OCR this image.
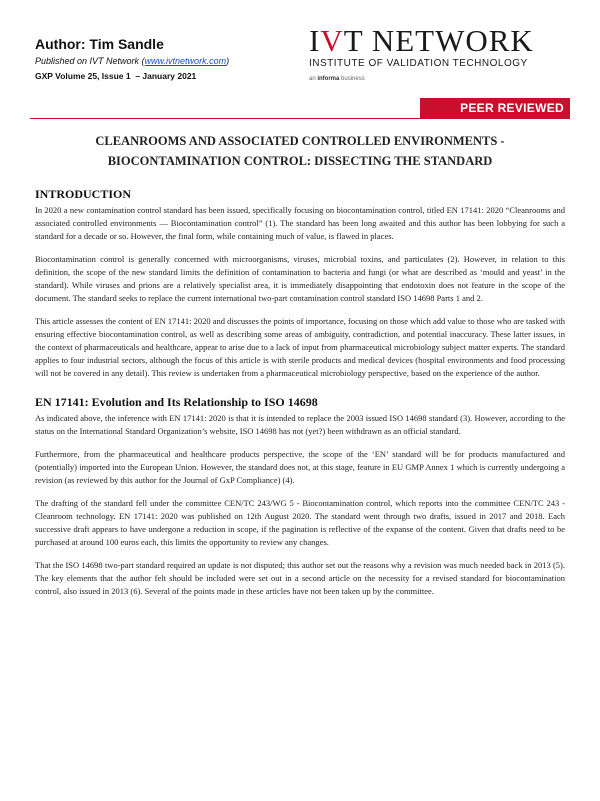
Author: Tim Sandle
Published on IVT Network (www.ivtnetwork.com)
GXP Volume 25, Issue 1  – January 2021
IVT NETWORK
INSTITUTE OF VALIDATION TECHNOLOGY
an informa business
PEER REVIEWED
CLEANROOMS AND ASSOCIATED CONTROLLED ENVIRONMENTS -
BIOCONTAMINATION CONTROL: DISSECTING THE STANDARD
INTRODUCTION

In 2020 a new contamination control standard has been issued, specifically focusing on biocontamination control, titled EN 17141: 2020 “Cleanrooms and associated controlled environments — Biocontamination control” (1). The standard has been long awaited and this author has been lobbying for such a standard for a decade or so. However, the final form, while containing much of value, is flawed in places.

Biocontamination control is generally concerned with microorganisms, viruses, microbial toxins, and particulates (2). However, in relation to this definition, the scope of the new standard limits the definition of contamination to bacteria and fungi (or what are described as ‘mould and yeast’ in the standard). While viruses and prions are a relatively specialist area, it is immediately disappointing that endotoxin does not feature in the scope of the document. The standard seeks to replace the current international two-part contamination control standard ISO 14698 Parts 1 and 2.

This article assesses the content of EN 17141: 2020 and discusses the points of importance, focusing on those which add value to those who are tasked with ensuring effective biocontamination control, as well as describing some areas of ambiguity, contradiction, and potential inaccuracy. These latter issues, in the context of pharmaceuticals and healthcare, appear to arise due to a lack of input from pharmaceutical microbiology subject matter experts. The standard applies to four industrial sectors, although the focus of this article is with sterile products and medical devices (hospital environments and food processing will not be covered in any detail). This review is undertaken from a pharmaceutical microbiology perspective, based on the experience of the author.

EN 17141: Evolution and Its Relationship to ISO 14698

As indicated above, the inference with EN 17141: 2020 is that it is intended to replace the 2003 issued ISO 14698 standard (3). However, according to the status on the International Standard Organization’s website, ISO 14698 has not (yet?) been withdrawn as an official standard.

Furthermore, from the pharmaceutical and healthcare products perspective, the scope of the ‘EN’ standard will be for products manufactured and (potentially) imported into the European Union. However, the standard does not, at this stage, feature in EU GMP Annex 1 which is currently undergoing a revision (as reviewed by this author for the Journal of GxP Compliance) (4).

The drafting of the standard fell under the committee CEN/TC 243/WG 5 - Biocontamination control, which reports into the committee CEN/TC 243 - Cleanroom technology. EN 17141: 2020 was published on 12th August 2020. The standard went through two drafts, issued in 2017 and 2018. Each successive draft appears to have undergone a reduction in scope, if the pagination is reflective of the expanse of the content. Given that drafts need to be purchased at around 100 euros each, this limits the opportunity to review any changes.

That the ISO 14698 two-part standard required an update is not disputed; this author set out the reasons why a revision was much needed back in 2013 (5). The key elements that the author felt should be included were set out in a second article on the necessity for a revised standard for biocontamination control, also issued in 2013 (6). Several of the points made in these articles have not been taken up by the committee.
